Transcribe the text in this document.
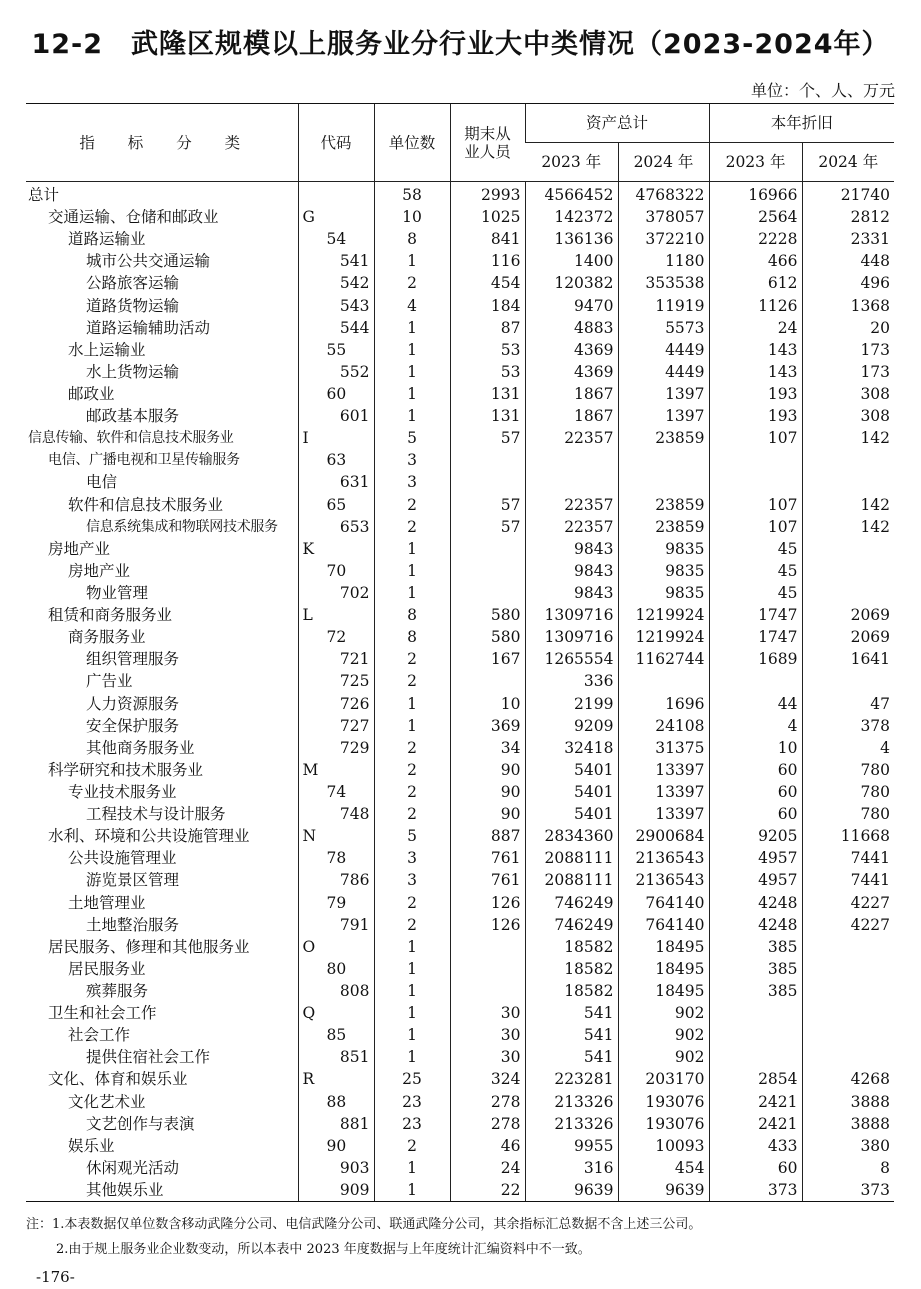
12-2　武隆区规模以上服务业分行业大中类情况（2023-2024年）
单位：个、人、万元
指 标 分 类	代码	单位数	期末从业人员	资产总计		本年折旧	
				2023 年	2024 年	2023 年	2024 年
总计		58	2993	4566452	4768322	16966	21740
交通运输、仓储和邮政业	G	10	1025	142372	378057	2564	2812
道路运输业	54	8	841	136136	372210	2228	2331
城市公共交通运输	541	1	116	1400	1180	466	448
公路旅客运输	542	2	454	120382	353538	612	496
道路货物运输	543	4	184	9470	11919	1126	1368
道路运输辅助活动	544	1	87	4883	5573	24	20
水上运输业	55	1	53	4369	4449	143	173
水上货物运输	552	1	53	4369	4449	143	173
邮政业	60	1	131	1867	1397	193	308
邮政基本服务	601	1	131	1867	1397	193	308
信息传输、软件和信息技术服务业	I	5	57	22357	23859	107	142
电信、广播电视和卫星传输服务	63	3					
电信	631	3					
软件和信息技术服务业	65	2	57	22357	23859	107	142
信息系统集成和物联网技术服务	653	2	57	22357	23859	107	142
房地产业	K	1		9843	9835	45	
房地产业	70	1		9843	9835	45	
物业管理	702	1		9843	9835	45	
租赁和商务服务业	L	8	580	1309716	1219924	1747	2069
商务服务业	72	8	580	1309716	1219924	1747	2069
组织管理服务	721	2	167	1265554	1162744	1689	1641
广告业	725	2		336			
人力资源服务	726	1	10	2199	1696	44	47
安全保护服务	727	1	369	9209	24108	4	378
其他商务服务业	729	2	34	32418	31375	10	4
科学研究和技术服务业	M	2	90	5401	13397	60	780
专业技术服务业	74	2	90	5401	13397	60	780
工程技术与设计服务	748	2	90	5401	13397	60	780
水利、环境和公共设施管理业	N	5	887	2834360	2900684	9205	11668
公共设施管理业	78	3	761	2088111	2136543	4957	7441
游览景区管理	786	3	761	2088111	2136543	4957	7441
土地管理业	79	2	126	746249	764140	4248	4227
土地整治服务	791	2	126	746249	764140	4248	4227
居民服务、修理和其他服务业	O	1		18582	18495	385	
居民服务业	80	1		18582	18495	385	
殡葬服务	808	1		18582	18495	385	
卫生和社会工作	Q	1	30	541	902		
社会工作	85	1	30	541	902		
提供住宿社会工作	851	1	30	541	902		
文化、体育和娱乐业	R	25	324	223281	203170	2854	4268
文化艺术业	88	23	278	213326	193076	2421	3888
文艺创作与表演	881	23	278	213326	193076	2421	3888
娱乐业	90	2	46	9955	10093	433	380
休闲观光活动	903	1	24	316	454	60	8
其他娱乐业	909	1	22	9639	9639	373	373
注：1.本表数据仅单位数含移动武隆分公司、电信武隆分公司、联通武隆分公司，其余指标汇总数据不含上述三公司。
2.由于规上服务业企业数变动，所以本表中 2023 年度数据与上年度统计汇编资料中不一致。
-176-
